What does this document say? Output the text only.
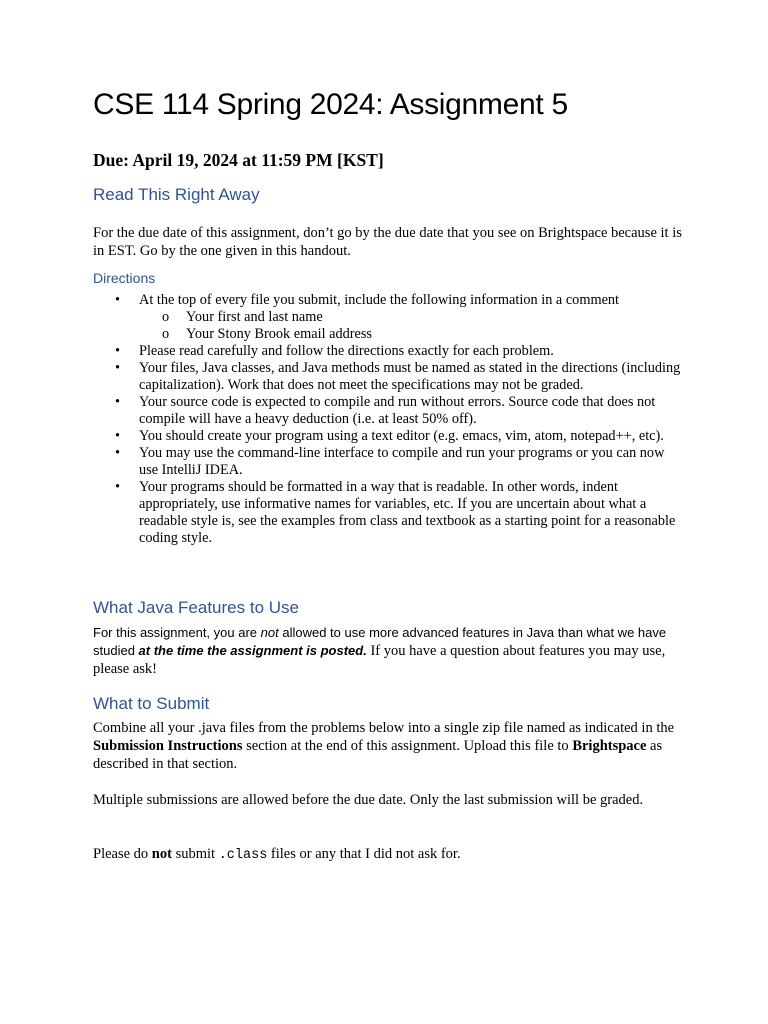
CSE 114 Spring 2024: Assignment 5

Due: April 19, 2024 at 11:59 PM [KST]

Read This Right Away

For the due date of this assignment, don’t go by the due date that you see on Brightspace because it is in EST. Go by the one given in this handout.

Directions
• At the top of every file you submit, include the following information in a comment
o Your first and last name
o Your Stony Brook email address
• Please read carefully and follow the directions exactly for each problem.
• Your files, Java classes, and Java methods must be named as stated in the directions (including capitalization). Work that does not meet the specifications may not be graded.
• Your source code is expected to compile and run without errors. Source code that does not compile will have a heavy deduction (i.e. at least 50% off).
• You should create your program using a text editor (e.g. emacs, vim, atom, notepad++, etc).
• You may use the command-line interface to compile and run your programs or you can now use IntelliJ IDEA.
• Your programs should be formatted in a way that is readable. In other words, indent appropriately, use informative names for variables, etc. If you are uncertain about what a readable style is, see the examples from class and textbook as a starting point for a reasonable coding style.
What Java Features to Use

For this assignment, you are not allowed to use more advanced features in Java than what we have studied at the time the assignment is posted. If you have a question about features you may use, please ask!

What to Submit

Combine all your .java files from the problems below into a single zip file named as indicated in the Submission Instructions section at the end of this assignment. Upload this file to Brightspace as described in that section.

Multiple submissions are allowed before the due date. Only the last submission will be graded.

Please do not submit .class files or any that I did not ask for.
